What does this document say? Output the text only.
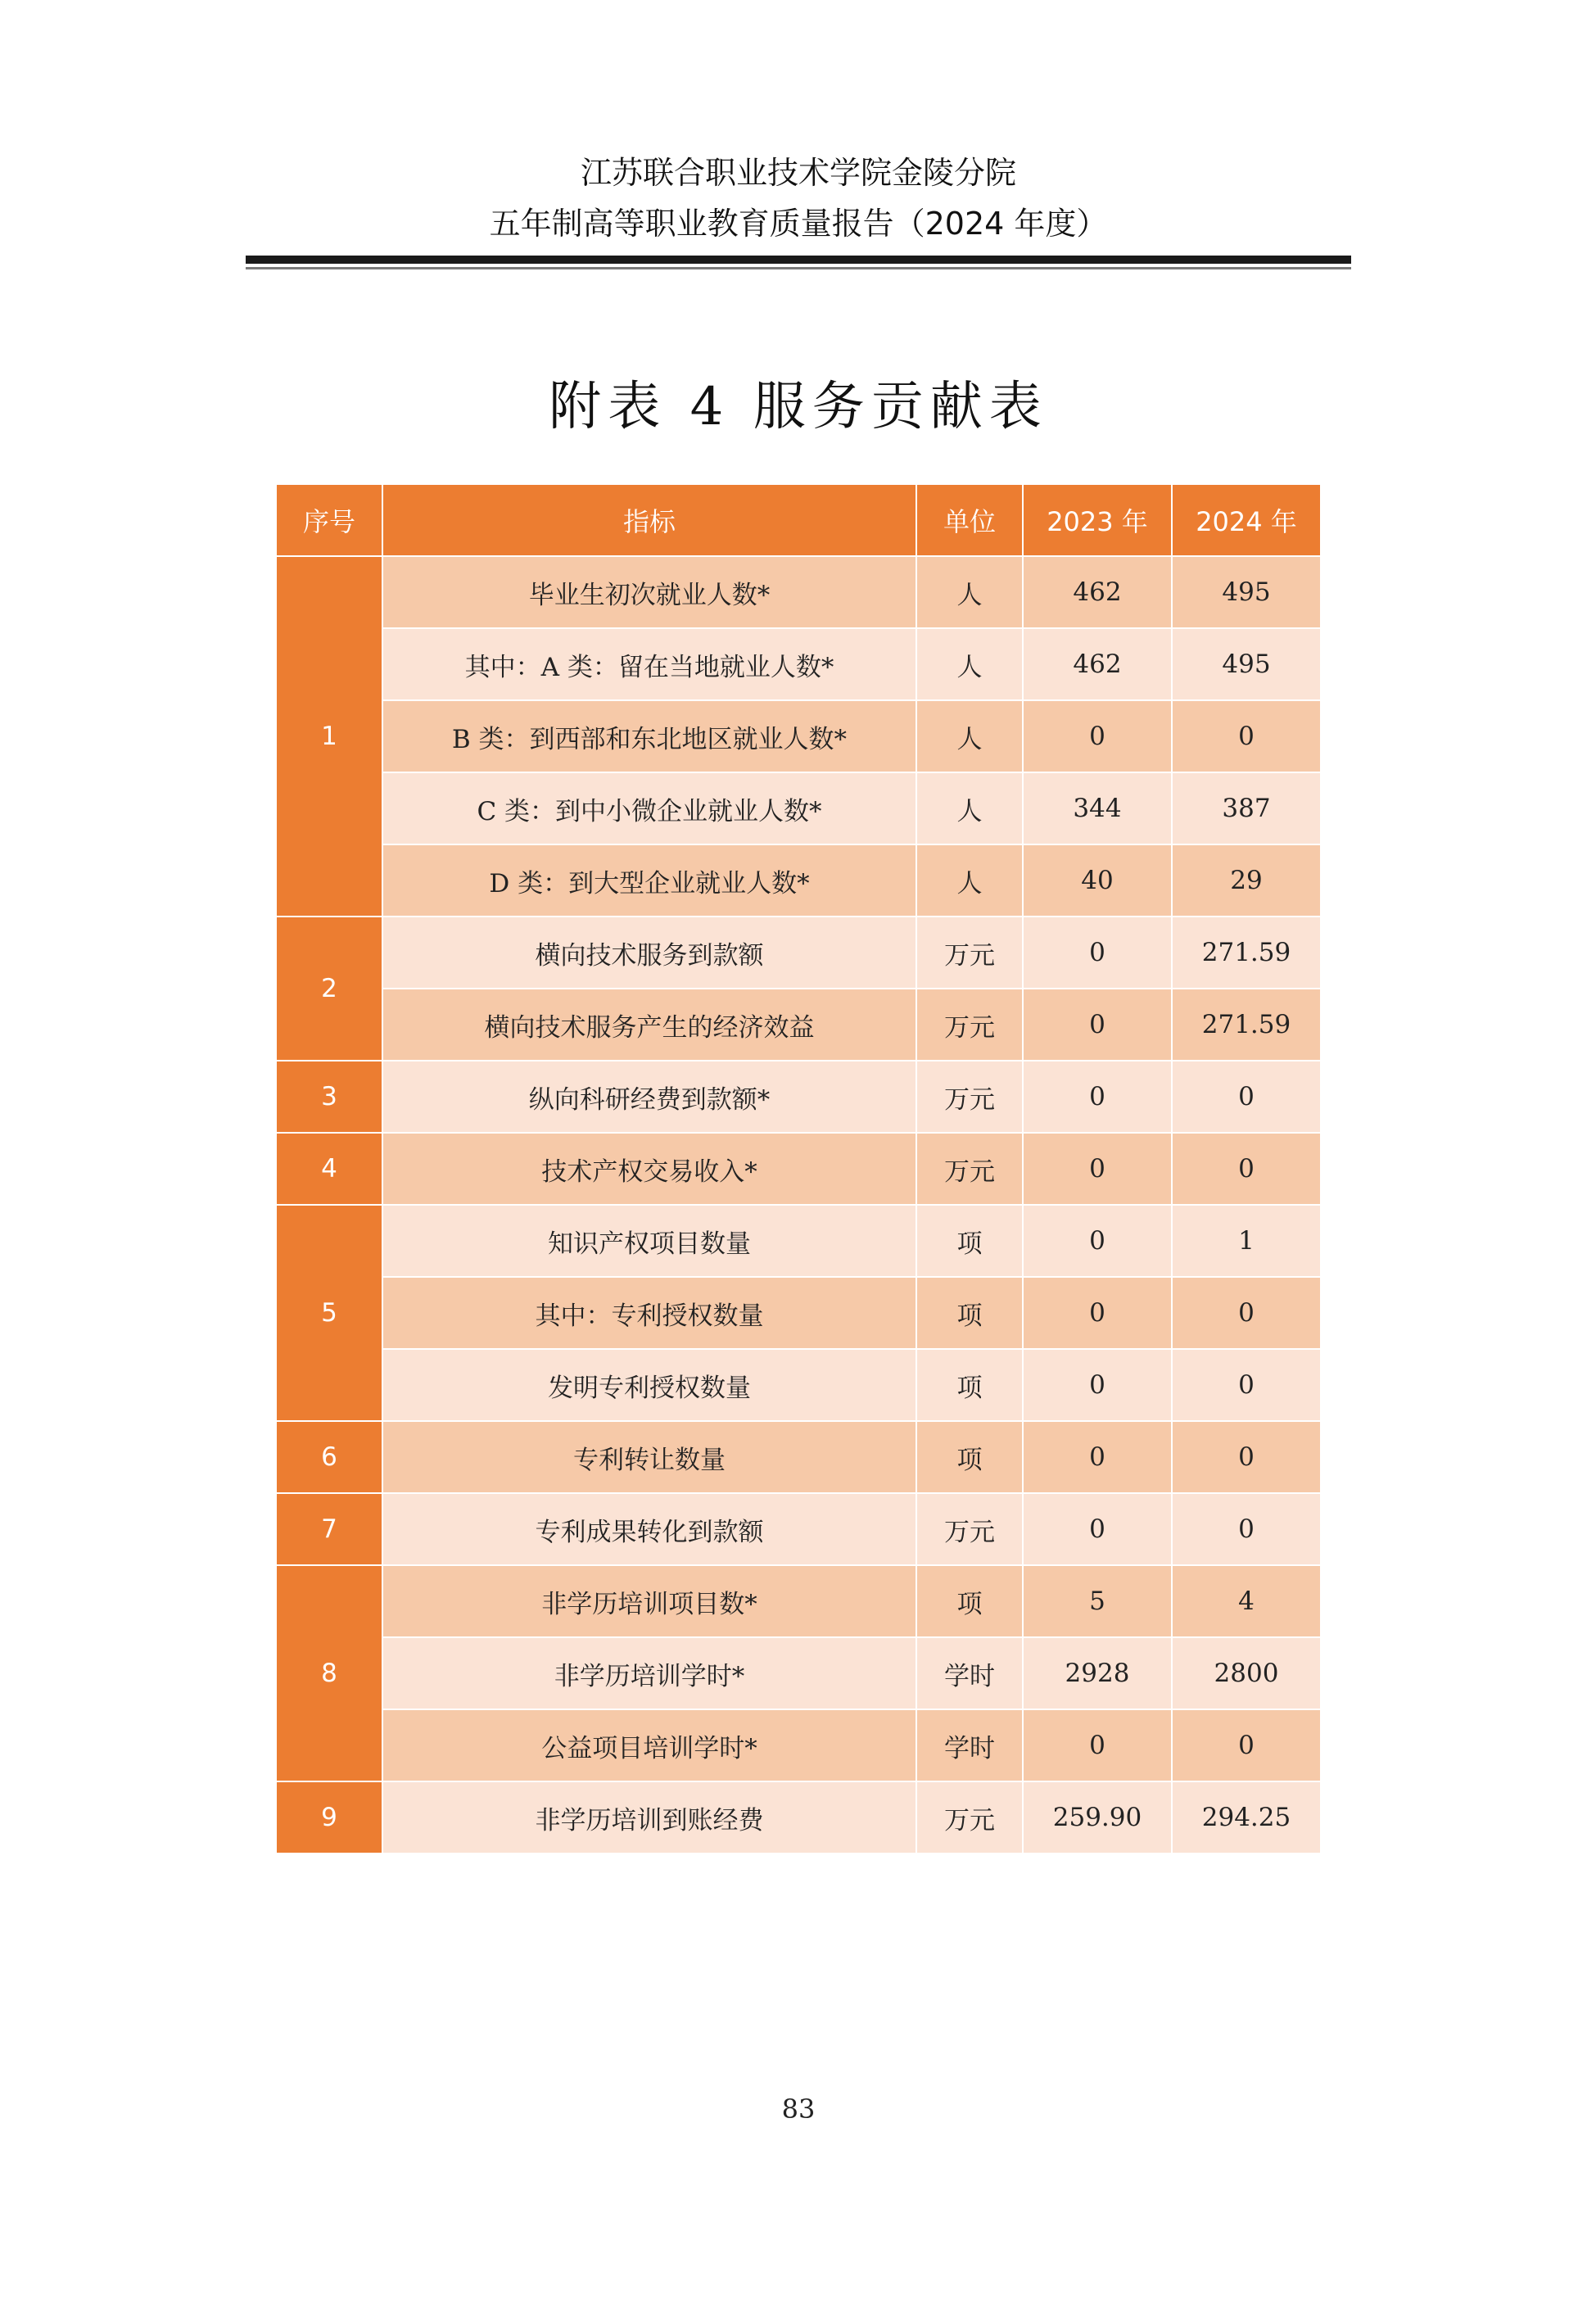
江苏联合职业技术学院金陵分院
五年制高等职业教育质量报告（2024 年度）
附表 4 服务贡献表
序号	指标	单位	2023 年	2024 年
1	毕业生初次就业人数*	人	462	495
	其中：A 类：留在当地就业人数*	人	462	495
	B 类：到西部和东北地区就业人数*	人	0	0
	C 类：到中小微企业就业人数*	人	344	387
	D 类：到大型企业就业人数*	人	40	29
2	横向技术服务到款额	万元	0	271.59
	横向技术服务产生的经济效益	万元	0	271.59
3	纵向科研经费到款额*	万元	0	0
4	技术产权交易收入*	万元	0	0
5	知识产权项目数量	项	0	1
	其中：专利授权数量	项	0	0
	发明专利授权数量	项	0	0
6	专利转让数量	项	0	0
7	专利成果转化到款额	万元	0	0
8	非学历培训项目数*	项	5	4
	非学历培训学时*	学时	2928	2800
	公益项目培训学时*	学时	0	0
9	非学历培训到账经费	万元	259.90	294.25
83
